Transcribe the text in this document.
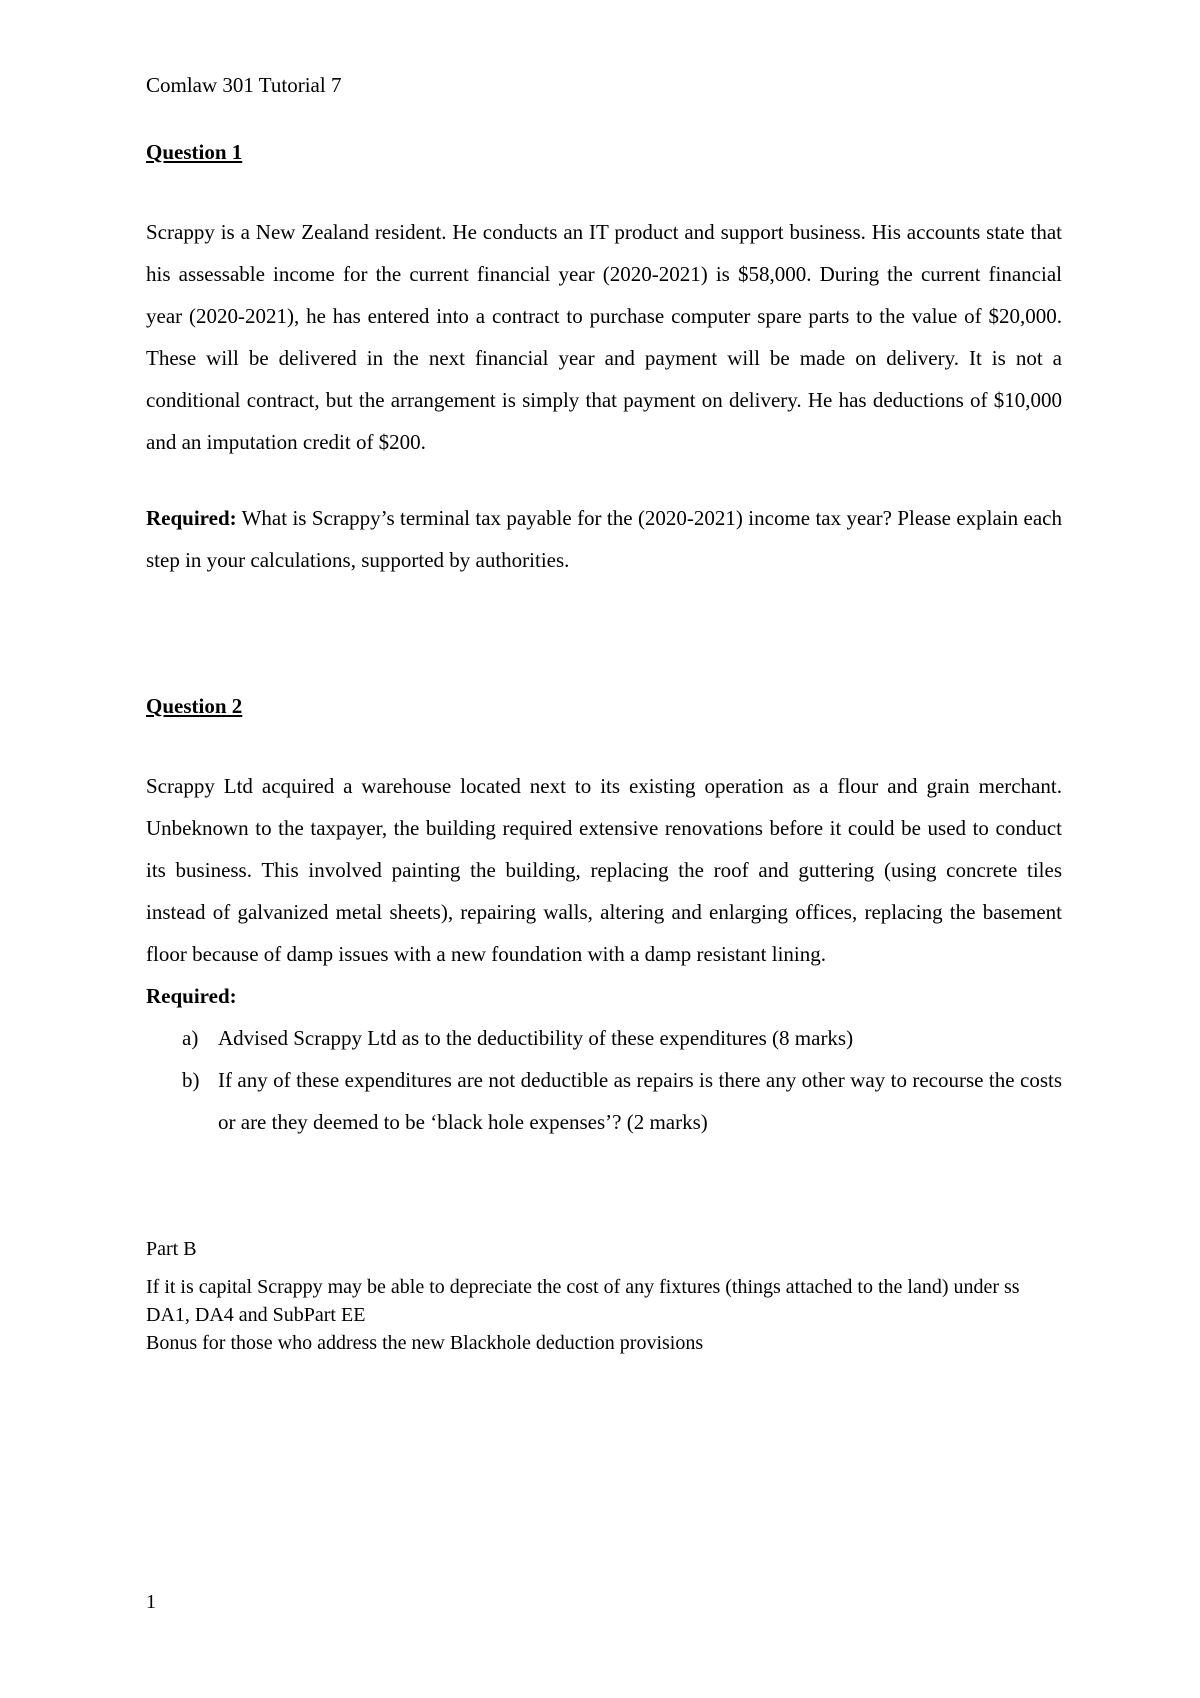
Comlaw 301 Tutorial 7

Question 1

Scrappy is a New Zealand resident. He conducts an IT product and support business. His accounts state that his assessable income for the current financial year (2020-2021) is $58,000. During the current financial year (2020-2021), he has entered into a contract to purchase computer spare parts to the value of $20,000. These will be delivered in the next financial year and payment will be made on delivery. It is not a conditional contract, but the arrangement is simply that payment on delivery. He has deductions of $10,000 and an imputation credit of $200.

Required: What is Scrappy’s terminal tax payable for the (2020-2021) income tax year? Please explain each step in your calculations, supported by authorities.

Question 2

Scrappy Ltd acquired a warehouse located next to its existing operation as a flour and grain merchant. Unbeknown to the taxpayer, the building required extensive renovations before it could be used to conduct its business. This involved painting the building, replacing the roof and guttering (using concrete tiles instead of galvanized metal sheets), repairing walls, altering and enlarging offices, replacing the basement floor because of damp issues with a new foundation with a damp resistant lining.

Required:

a) Advised Scrappy Ltd as to the deductibility of these expenditures (8 marks)
b) If any of these expenditures are not deductible as repairs is there any other way to recourse the costs or are they deemed to be ‘black hole expenses’? (2 marks)

Part B

If it is capital Scrappy may be able to depreciate the cost of any fixtures (things attached to the land) under ss DA1, DA4 and SubPart EE

Bonus for those who address the new Blackhole deduction provisions

1
